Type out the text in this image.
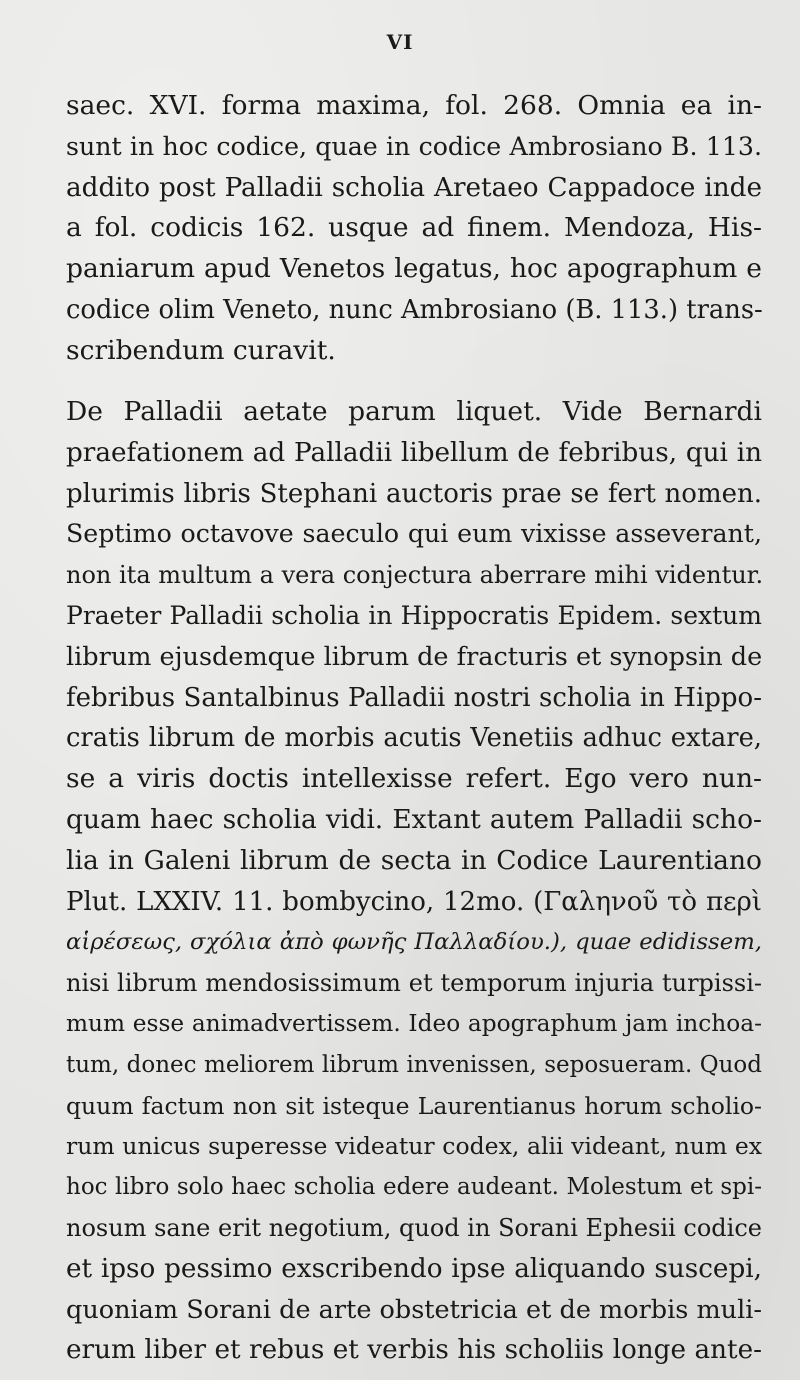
VI
saec. XVI. forma maxima, fol. 268. Omnia ea in-
sunt in hoc codice, quae in codice Ambrosiano B. 113.
addito post Palladii scholia Aretaeo Cappadoce inde
a fol. codicis 162. usque ad finem. Mendoza, His-
paniarum apud Venetos legatus, hoc apographum e
codice olim Veneto, nunc Ambrosiano (B. 113.) trans-
scribendum curavit.
De Palladii aetate parum liquet. Vide Bernardi
praefationem ad Palladii libellum de febribus, qui in
plurimis libris Stephani auctoris prae se fert nomen.
Septimo octavove saeculo qui eum vixisse asseverant,
non ita multum a vera conjectura aberrare mihi videntur.
Praeter Palladii scholia in Hippocratis Epidem. sextum
librum ejusdemque librum de fracturis et synopsin de
febribus Santalbinus Palladii nostri scholia in Hippo-
cratis librum de morbis acutis Venetiis adhuc extare,
se a viris doctis intellexisse refert. Ego vero nun-
quam haec scholia vidi. Extant autem Palladii scho-
lia in Galeni librum de secta in Codice Laurentiano
Plut. LXXIV. 11. bombycino, 12mo. (Γαληνοῦ τὸ περὶ
αἱρέσεως, σχόλια ἀπὸ φωνῆς Παλλαδίου.), quae edidissem,
nisi librum mendosissimum et temporum injuria turpissi-
mum esse animadvertissem. Ideo apographum jam inchoa-
tum, donec meliorem librum invenissen, seposueram. Quod
quum factum non sit isteque Laurentianus horum scholio-
rum unicus superesse videatur codex, alii videant, num ex
hoc libro solo haec scholia edere audeant. Molestum et spi-
nosum sane erit negotium, quod in Sorani Ephesii codice
et ipso pessimo exscribendo ipse aliquando suscepi,
quoniam Sorani de arte obstetricia et de morbis muli-
erum liber et rebus et verbis his scholiis longe ante-
